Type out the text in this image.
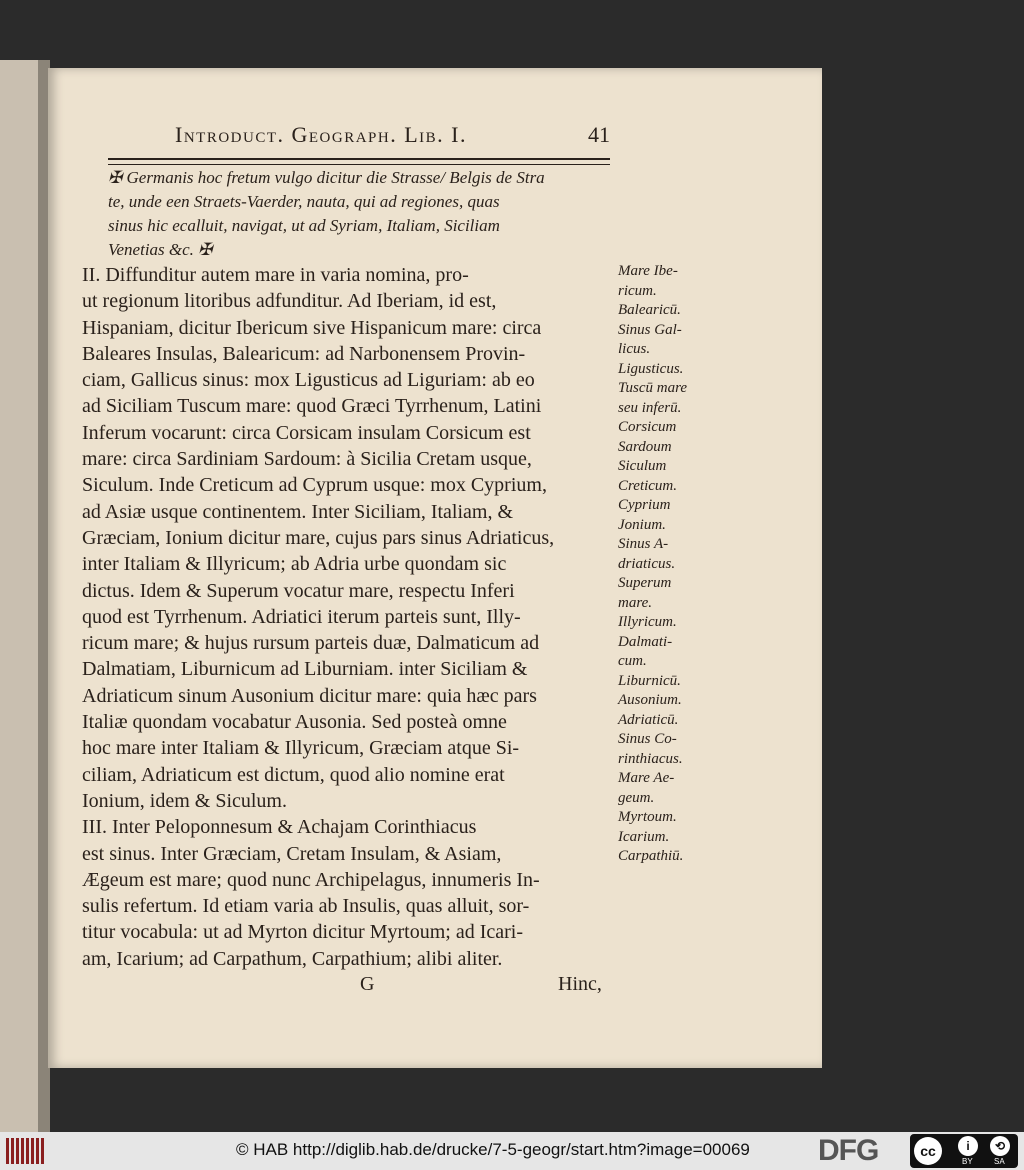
Introduct. Geograph. Lib. I.	41
✠ Germanis hoc fretum vulgo dicitur die Strasse/ Belgis de Stra
te, unde een Straets-Vaerder, nauta, qui ad regiones, quas
sinus hic ecalluit, navigat, ut ad Syriam, Italiam, Siciliam
Venetias &c. ✠
II. Diffunditur autem mare in varia nomina, pro-
ut regionum litoribus adfunditur. Ad Iberiam, id est,
Hispaniam, dicitur Ibericum sive Hispanicum mare: circa
Baleares Insulas, Balearicum: ad Narbonensem Provin-
ciam, Gallicus sinus: mox Ligusticus ad Liguriam: ab eo
ad Siciliam Tuscum mare: quod Græci Tyrrhenum, Latini
Inferum vocarunt: circa Corsicam insulam Corsicum est
mare: circa Sardiniam Sardoum: à Sicilia Cretam usque,
Siculum. Inde Creticum ad Cyprum usque: mox Cyprium,
ad Asiæ usque continentem. Inter Siciliam, Italiam, &
Græciam, Ionium dicitur mare, cujus pars sinus Adriaticus,
inter Italiam & Illyricum; ab Adria urbe quondam sic
dictus. Idem & Superum vocatur mare, respectu Inferi
quod est Tyrrhenum. Adriatici iterum parteis sunt, Illy-
ricum mare; & hujus rursum parteis duæ, Dalmaticum ad
Dalmatiam, Liburnicum ad Liburniam. inter Siciliam &
Adriaticum sinum Ausonium dicitur mare: quia hæc pars
Italiæ quondam vocabatur Ausonia. Sed posteà omne
hoc mare inter Italiam & Illyricum, Græciam atque Si-
ciliam, Adriaticum est dictum, quod alio nomine erat
Ionium, idem & Siculum.
III. Inter Peloponnesum & Achajam Corinthiacus
est sinus. Inter Græciam, Cretam Insulam, & Asiam,
Ægeum est mare; quod nunc Archipelagus, innumeris In-
sulis refertum. Id etiam varia ab Insulis, quas alluit, sor-
titur vocabula: ut ad Myrton dicitur Myrtoum; ad Icari-
am, Icarium; ad Carpathum, Carpathium; alibi aliter.
Mare Ibe-
ricum.
Balearicū.
Sinus Gal-
licus.
Ligusticus.
Tuscū mare
seu inferū.
Corsicum
Sardoum
Siculum
Creticum.
Cyprium
Jonium.
Sinus A-
driaticus.
Superum
mare.
Illyricum.
Dalmati-
cum.
Liburnicū.
Ausonium.
Adriaticū.
Sinus Co-
rinthiacus.
Mare Ae-
geum.
Myrtoum.
Icarium.
Carpathiū.
G	Hinc,
© HAB http://diglib.hab.de/drucke/7-5-geogr/start.htm?image=00069 DFG	cc	i	⟲
BY	SA
